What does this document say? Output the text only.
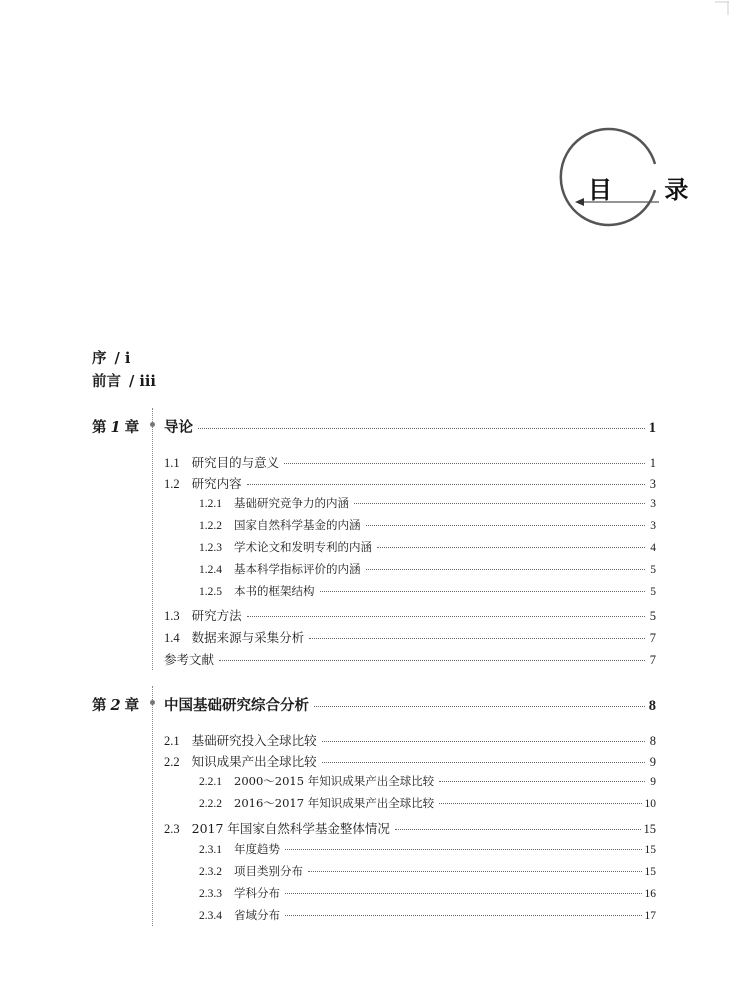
目 录
序 / i
前言 / iii
第 1 章 导论	1
1.1 研究目的与意义	1
1.2 研究内容	3
1.2.1 基础研究竞争力的内涵	3
1.2.2 国家自然科学基金的内涵	3
1.2.3 学术论文和发明专利的内涵	4
1.2.4 基本科学指标评价的内涵	5
1.2.5 本书的框架结构	5
1.3 研究方法	5
1.4 数据来源与采集分析	7
参考文献	7
第 2 章 中国基础研究综合分析	8
2.1 基础研究投入全球比较	8
2.2 知识成果产出全球比较	9
2.2.1 2000～2015 年知识成果产出全球比较	9
2.2.2 2016～2017 年知识成果产出全球比较	10
2.3 2017 年国家自然科学基金整体情况	15
2.3.1 年度趋势	15
2.3.2 项目类别分布	15
2.3.3 学科分布	16
2.3.4 省域分布	17
